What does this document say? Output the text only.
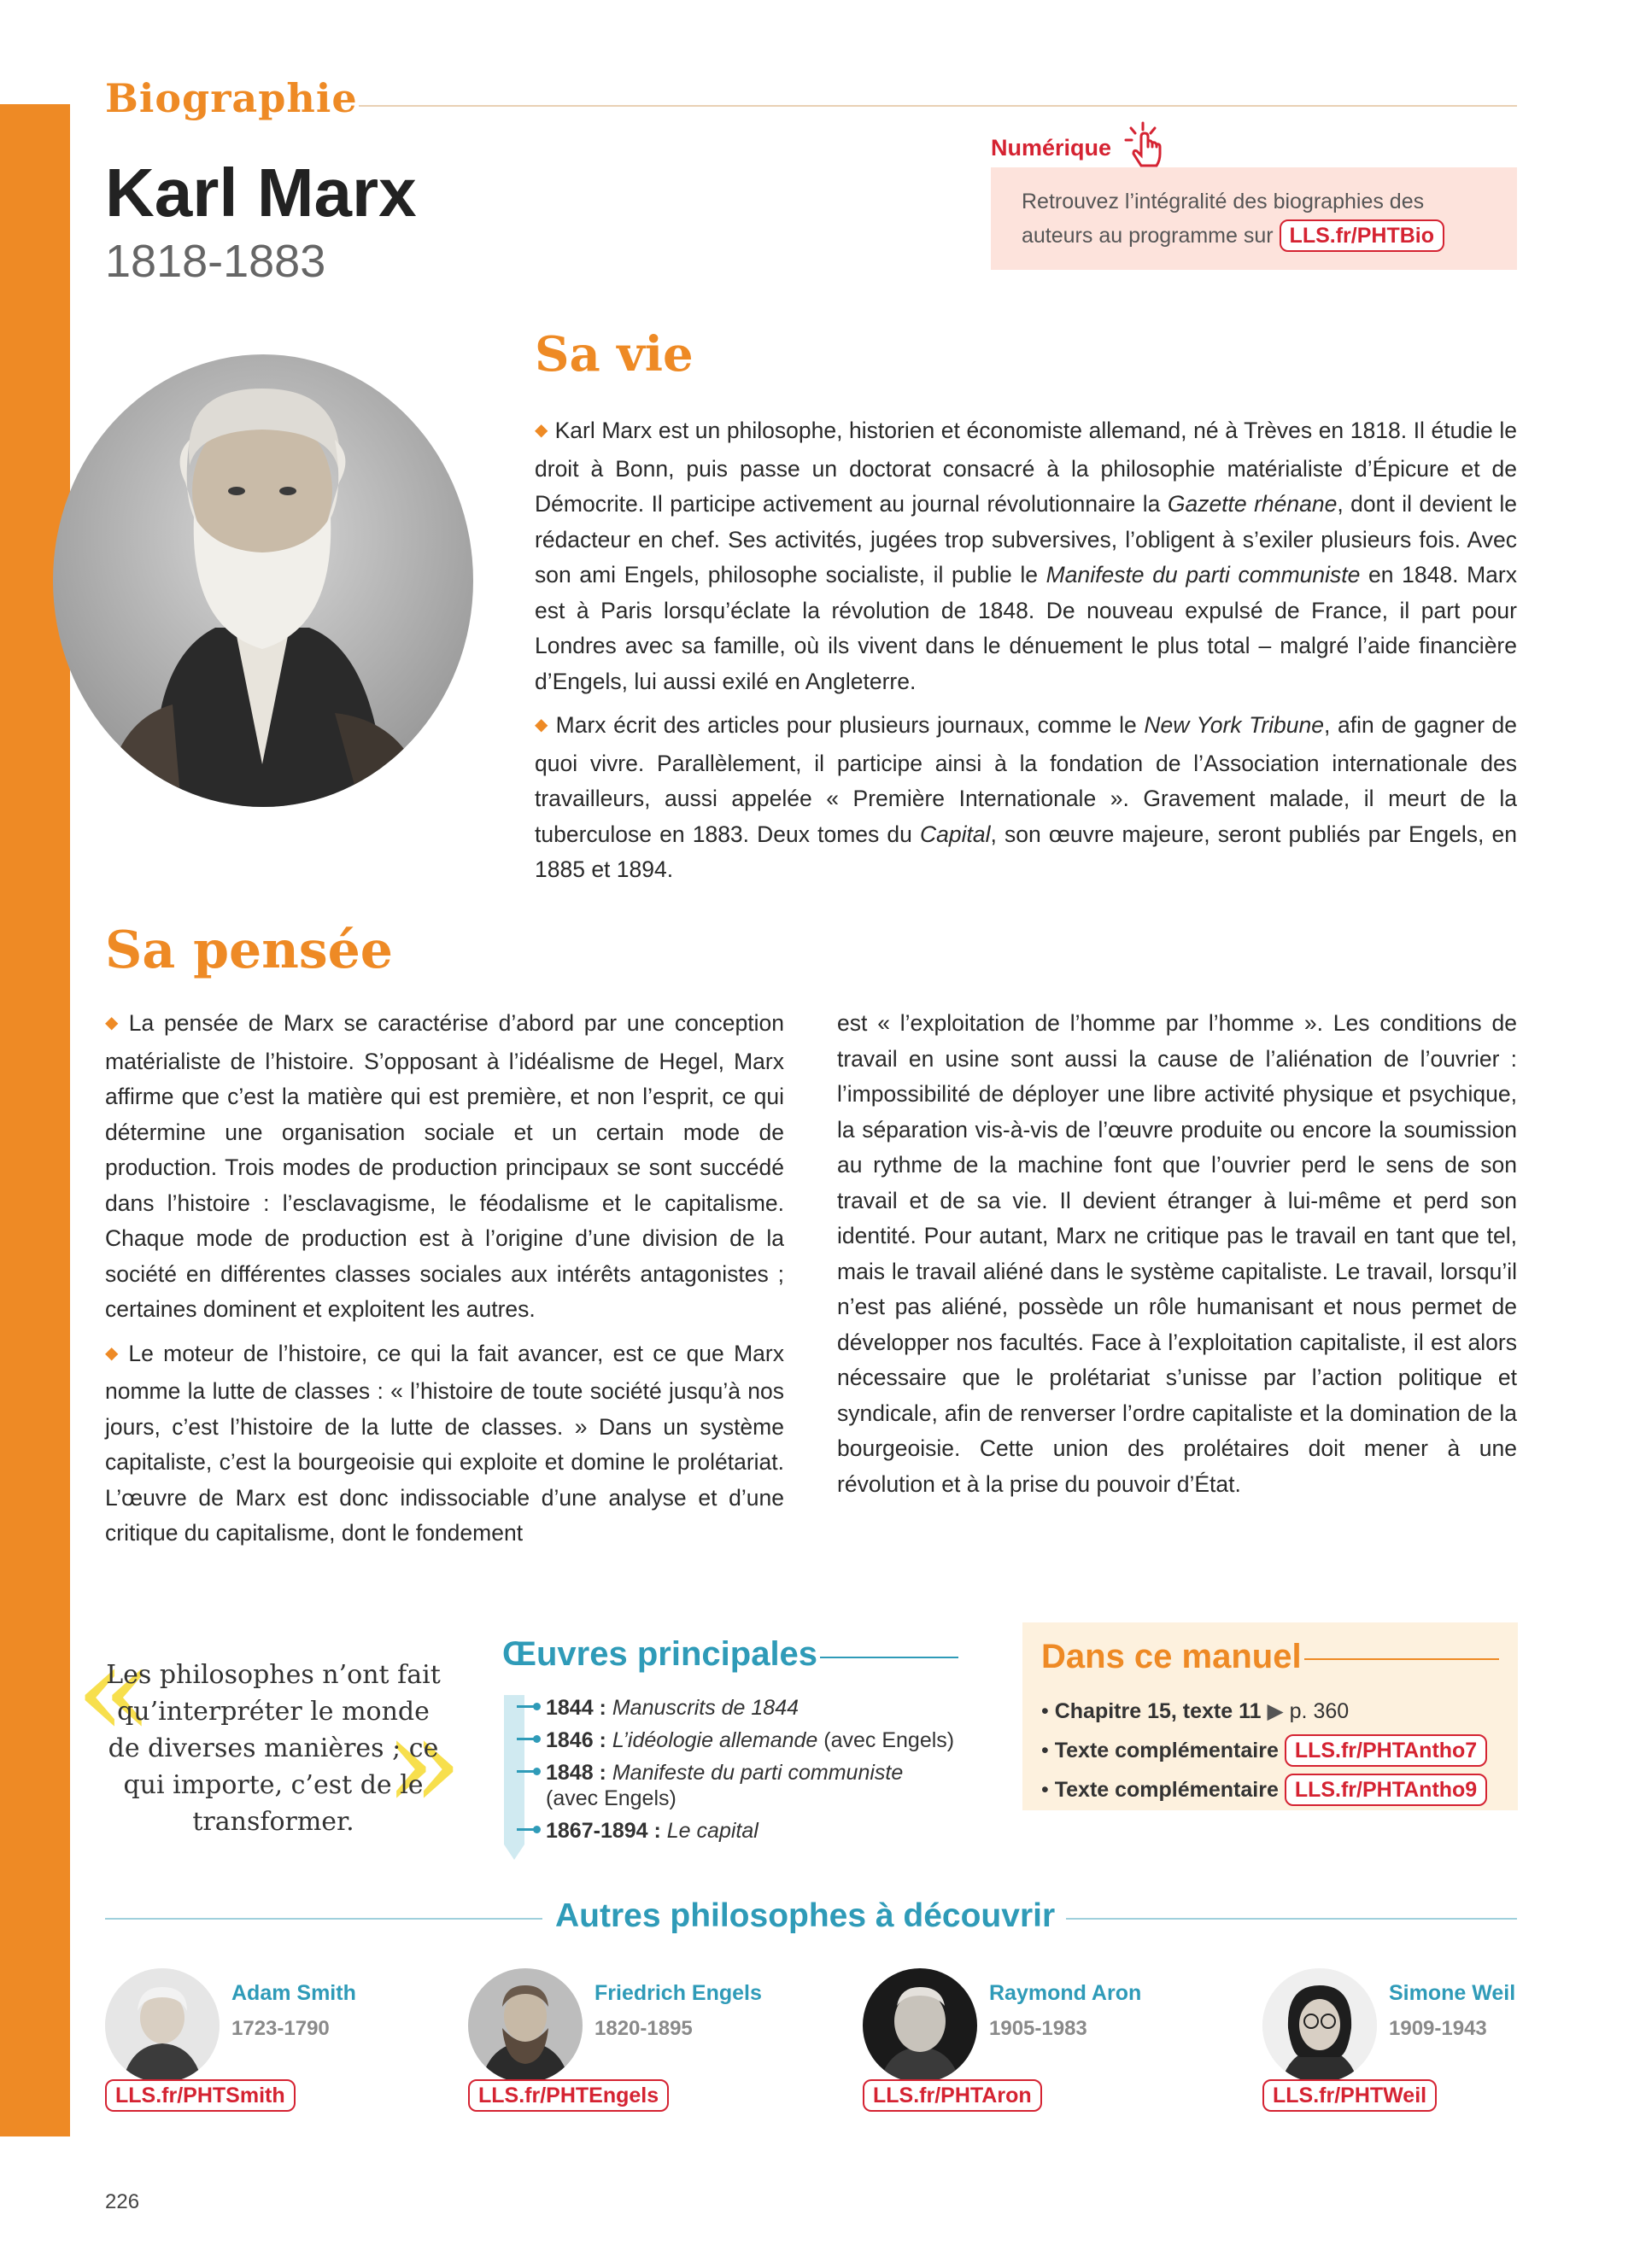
Biographie
Karl Marx
1818-1883
Numérique
Retrouvez l’intégralité des biographies des auteurs au programme sur LLS.fr/PHTBio
Sa vie

◆ Karl Marx est un philosophe, historien et économiste allemand, né à Trèves en 1818. Il étudie le droit à Bonn, puis passe un doctorat consacré à la philosophie matérialiste d’Épicure et de Démocrite. Il participe activement au journal révolutionnaire la Gazette rhénane, dont il devient le rédacteur en chef. Ses activités, jugées trop subversives, l’obligent à s’exiler plusieurs fois. Avec son ami Engels, philosophe socialiste, il publie le Manifeste du parti communiste en 1848. Marx est à Paris lorsqu’éclate la révolution de 1848. De nouveau expulsé de France, il part pour Londres avec sa famille, où ils vivent dans le dénuement le plus total – malgré l’aide financière d’Engels, lui aussi exilé en Angleterre.

◆ Marx écrit des articles pour plusieurs journaux, comme le New York Tribune, afin de gagner de quoi vivre. Parallèlement, il participe ainsi à la fondation de l’Association internationale des travailleurs, aussi appelée « Première Internationale ». Gravement malade, il meurt de la tuberculose en 1883. Deux tomes du Capital, son œuvre majeure, seront publiés par Engels, en 1885 et 1894.

Sa pensée

◆ La pensée de Marx se caractérise d’abord par une conception matérialiste de l’histoire. S’opposant à l’idéalisme de Hegel, Marx affirme que c’est la matière qui est première, et non l’esprit, ce qui détermine une organisation sociale et un certain mode de production. Trois modes de production principaux se sont succédé dans l’histoire : l’esclavagisme, le féodalisme et le capitalisme. Chaque mode de production est à l’origine d’une division de la société en différentes classes sociales aux intérêts antagonistes ; certaines dominent et exploitent les autres.

◆ Le moteur de l’histoire, ce qui la fait avancer, est ce que Marx nomme la lutte de classes : « l’histoire de toute société jusqu’à nos jours, c’est l’histoire de la lutte de classes. » Dans un système capitaliste, c’est la bourgeoisie qui exploite et domine le prolétariat. L’œuvre de Marx est donc indissociable d’une analyse et d’une critique du capitalisme, dont le fondement

est « l’exploitation de l’homme par l’homme ». Les conditions de travail en usine sont aussi la cause de l’aliénation de l’ouvrier : l’impossibilité de déployer une libre activité physique et psychique, la séparation vis-à-vis de l’œuvre produite ou encore la soumission au rythme de la machine font que l’ouvrier perd le sens de son travail et de sa vie. Il devient étranger à lui-même et perd son identité. Pour autant, Marx ne critique pas le travail en tant que tel, mais le travail aliéné dans le système capitaliste. Le travail, lorsqu’il n’est pas aliéné, possède un rôle humanisant et nous permet de développer nos facultés. Face à l’exploitation capitaliste, il est alors nécessaire que le prolétariat s’unisse par l’action politique et syndicale, afin de renverser l’ordre capitaliste et la domination de la bourgeoisie. Cette union des prolétaires doit mener à une révolution et à la prise du pouvoir d’État.

« »
Les philosophes n’ont fait qu’interpréter le monde de diverses manières ; ce qui importe, c’est de le transformer.
Œuvres principales
1844 : Manuscrits de 1844
1846 : L’idéologie allemande (avec Engels)
1848 : Manifeste du parti communiste
(avec Engels)
1867-1894 : Le capital
Dans ce manuel
• Chapitre 15, texte 11 ▶ p. 360
• Texte complémentaire LLS.fr/PHTAntho7
• Texte complémentaire LLS.fr/PHTAntho9
Autres philosophes à découvrir
Adam Smith
1723-1790
LLS.fr/PHTSmith
Friedrich Engels
1820-1895
LLS.fr/PHTEngels
Raymond Aron
1905-1983
LLS.fr/PHTAron
Simone Weil
1909-1943
LLS.fr/PHTWeil
226
